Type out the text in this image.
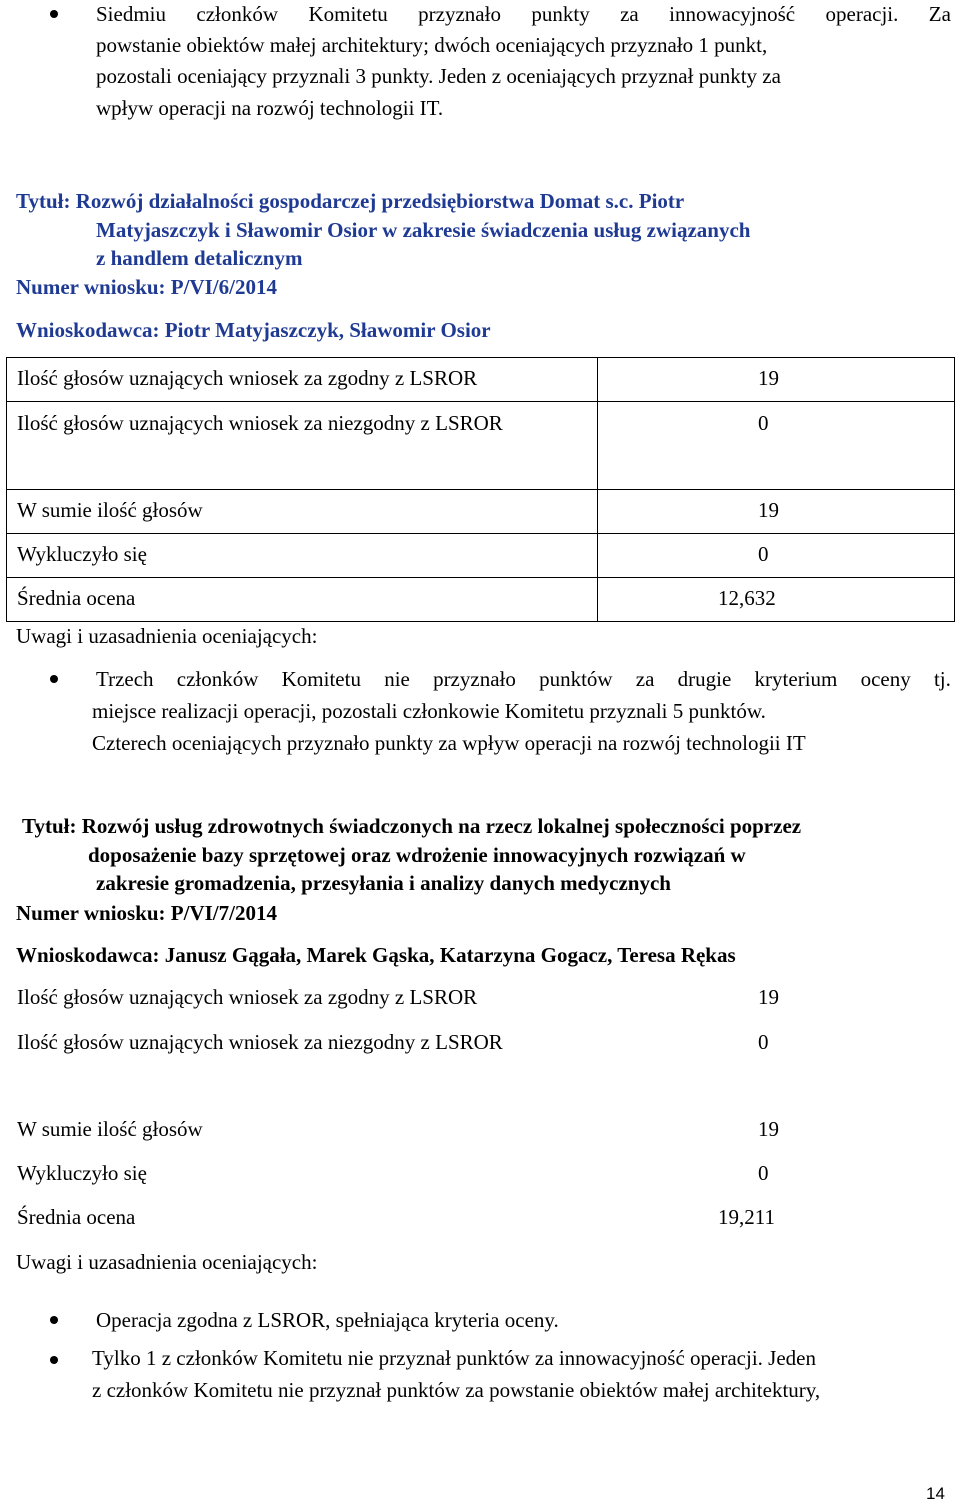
Siedmiu członków Komitetu przyznało punkty za innowacyjność operacji. Za
powstanie obiektów małej architektury; dwóch oceniających przyznało 1 punkt,
pozostali oceniający przyznali 3 punkty. Jeden z oceniających przyznał punkty za
wpływ operacji na rozwój technologii IT.
Tytuł: Rozwój działalności gospodarczej przedsiębiorstwa Domat s.c. Piotr
Matyjaszczyk i Sławomir Osior w zakresie świadczenia usług związanych
z handlem detalicznym
Numer wniosku: P/VI/6/2014
Wnioskodawca: Piotr Matyjaszczyk, Sławomir Osior
Ilość głosów uznających wniosek za zgodny z LSROR	19

Ilość głosów uznających wniosek za niezgodny z LSROR	0

W sumie ilość głosów	19

Wykluczyło się	0

Średnia ocena	12,632
Uwagi i uzasadnienia oceniających:
Trzech członków Komitetu nie przyznało punktów za drugie kryterium oceny tj.
miejsce realizacji operacji, pozostali członkowie Komitetu przyznali 5 punktów.
Czterech oceniających przyznało punkty za wpływ operacji na rozwój technologii IT
Tytuł: Rozwój usług zdrowotnych świadczonych na rzecz lokalnej społeczności poprzez
doposażenie bazy sprzętowej oraz wdrożenie innowacyjnych rozwiązań w
zakresie gromadzenia, przesyłania i analizy danych medycznych
Numer wniosku: P/VI/7/2014
Wnioskodawca: Janusz Gągała, Marek Gąska, Katarzyna Gogacz, Teresa Rękas
Ilość głosów uznających wniosek za zgodny z LSROR	19

Ilość głosów uznających wniosek za niezgodny z LSROR	0

W sumie ilość głosów	19

Wykluczyło się	0

Średnia ocena	19,211
Uwagi i uzasadnienia oceniających:
Operacja zgodna z LSROR, spełniająca kryteria oceny.
Tylko 1 z członków Komitetu nie przyznał punktów za innowacyjność operacji. Jeden
z członków Komitetu nie przyznał punktów za powstanie obiektów małej architektury,
14
